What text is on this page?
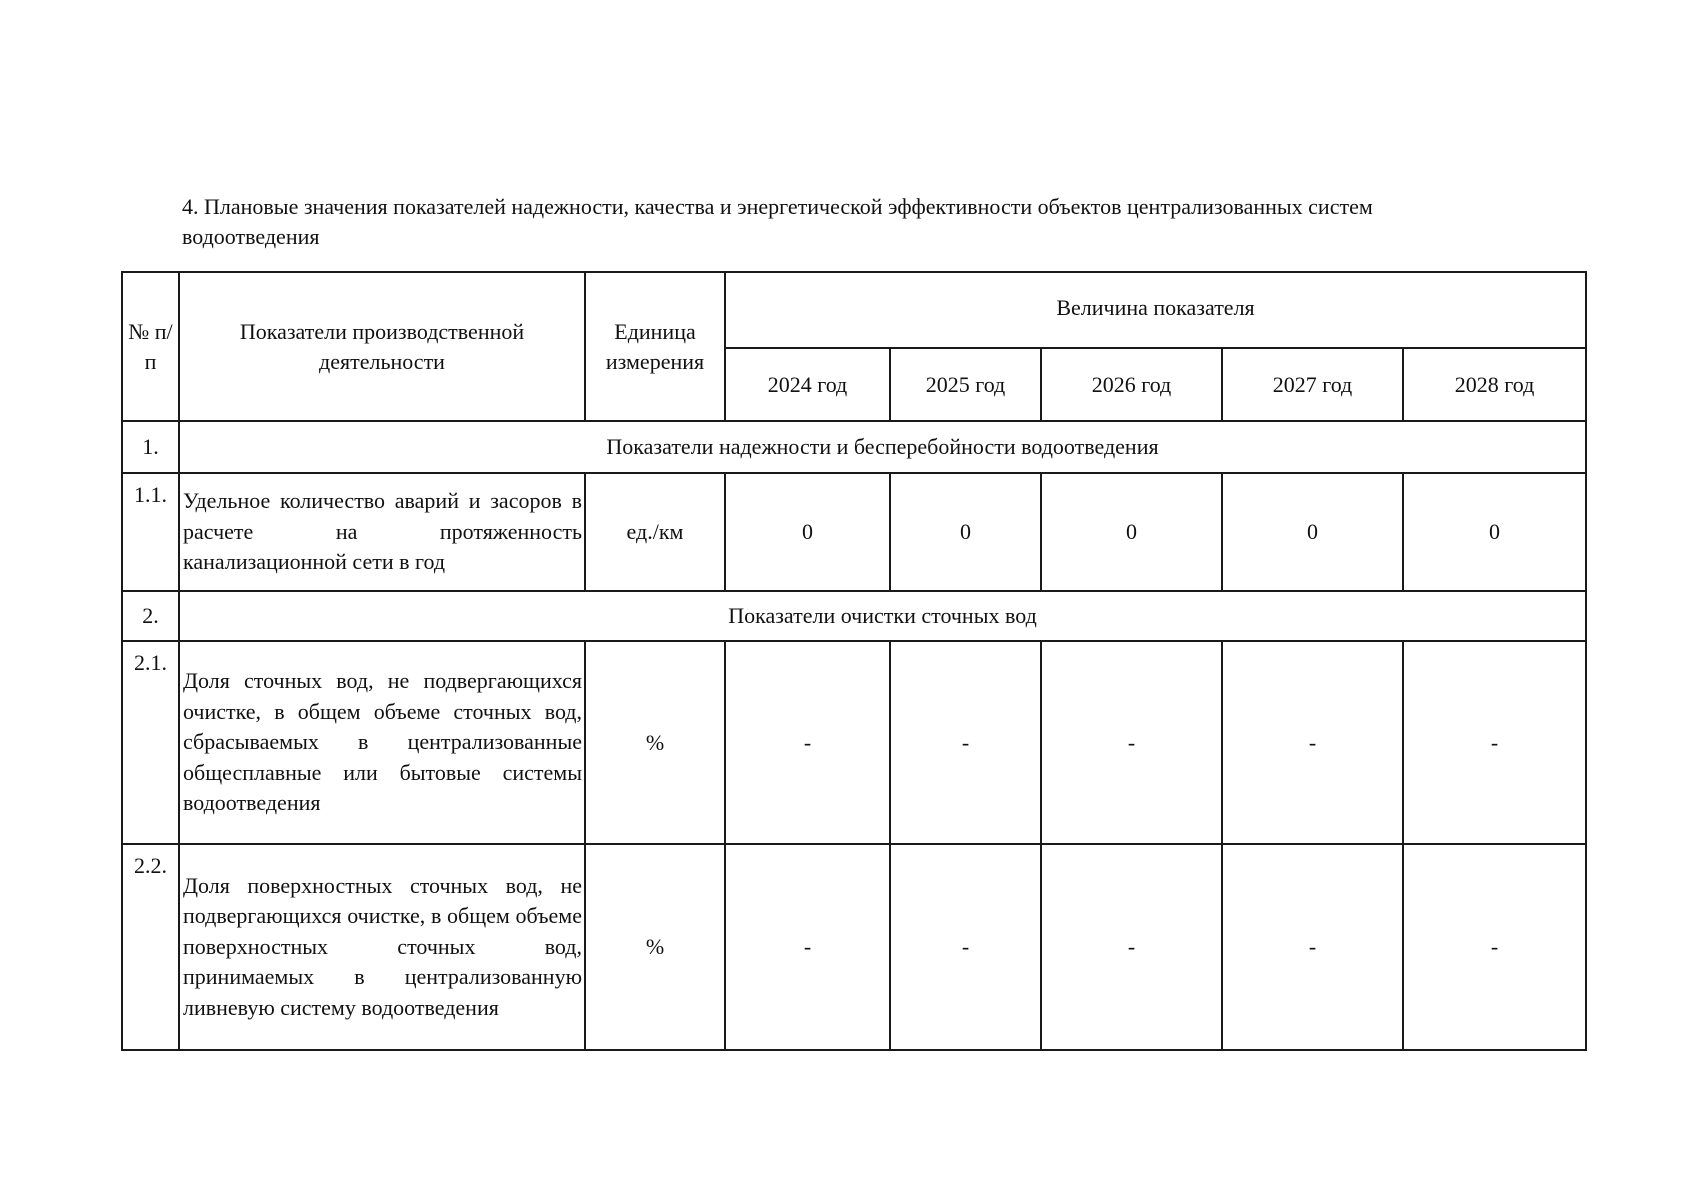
4. Плановые значения показателей надежности, качества и энергетической эффективности объектов централизованных систем водоотведения
№ п/п	Показатели производственной деятельности	Единица измерения	Величина показателя				
			2024 год	2025 год	2026 год	2027 год	2028 год
1.	Показатели надежности и бесперебойности водоотведения						
1.1.	Удельное количество аварий и засоров в расчете на протяженность канализационной сети в год	ед./км	0	0	0	0	0
2.	Показатели очистки сточных вод						
2.1.	Доля сточных вод, не подвергающихся очистке, в общем объеме сточных вод, сбрасываемых в централизованные общесплавные или бытовые системы водоотведения	%	-	-	-	-	-
2.2.	Доля поверхностных сточных вод, не подвергающихся очистке, в общем объеме поверхностных сточных вод, принимаемых в централизованную ливневую систему водоотведения	%	-	-	-	-	-
